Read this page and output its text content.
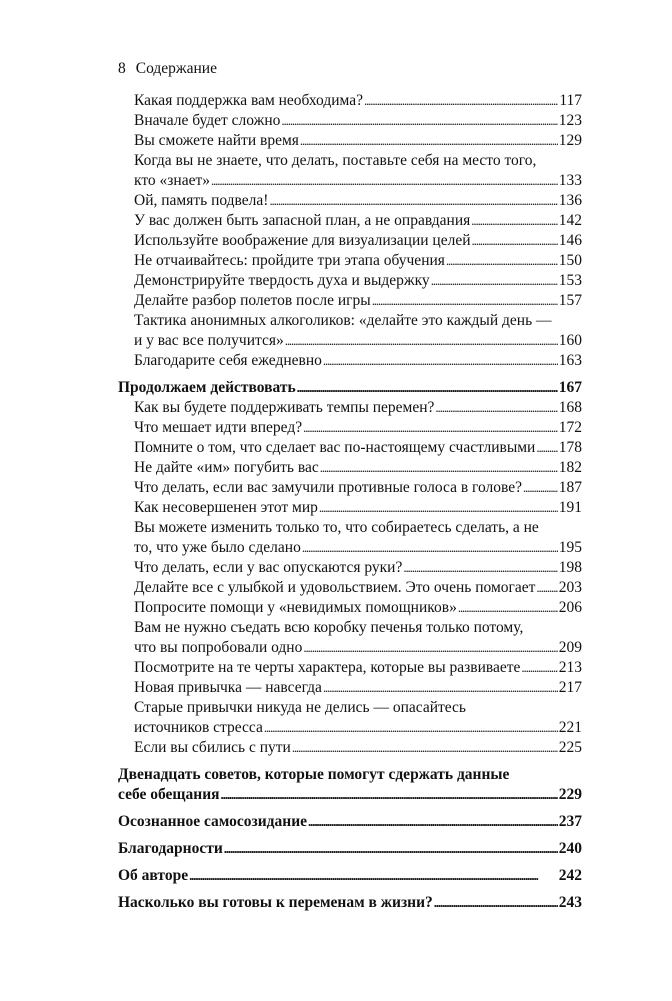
8 Содержание
Какая поддержка вам необходима? . . .	117
Вначале будет сложно . . .	123
Вы сможете найти время . . .	129
Когда вы не знаете, что делать, поставьте себя на место того,
кто «знает» . . .	133
Ой, память подвела! . . .	136
У вас должен быть запасной план, а не оправдания . . .	142
Используйте воображение для визуализации целей . . .	146
Не отчаивайтесь: пройдите три этапа обучения . . .	150
Демонстрируйте твердость духа и выдержку . . .	153
Делайте разбор полетов после игры . . .	157
Тактика анонимных алкоголиков: «делайте это каждый день —
и у вас все получится» . . .	160
Благодарите себя ежедневно . . .	163
Продолжаем действовать . . .	167
Как вы будете поддерживать темпы перемен? . . .	168
Что мешает идти вперед? . . .	172
Помните о том, что сделает вас по-настоящему счастливыми . . . 178
Не дайте «им» погубить вас . . .	182
Что делать, если вас замучили противные голоса в голове? . . . 187
Как несовершенен этот мир . . .	191
Вы можете изменить только то, что собираетесь сделать, а не
то, что уже было сделано . . .	195
Что делать, если у вас опускаются руки? . . .	198
Делайте все с улыбкой и удовольствием. Это очень помогает . . . 203
Попросите помощи у «невидимых помощников» . . .	206
Вам не нужно съедать всю коробку печенья только потому,
что вы попробовали одно . . .	209
Посмотрите на те черты характера, которые вы развиваете . . . 213
Новая привычка — навсегда . . .	217
Старые привычки никуда не делись — опасайтесь
источников стресса . . .	221
Если вы сбились с пути . . .	225
Двенадцать советов, которые помогут сдержать данные
себе обещания . . .	229
Осознанное самосозидание . . .	237
Благодарности . . .	240
Об авторе . . .	242
Насколько вы готовы к переменам в жизни? . . .	243
